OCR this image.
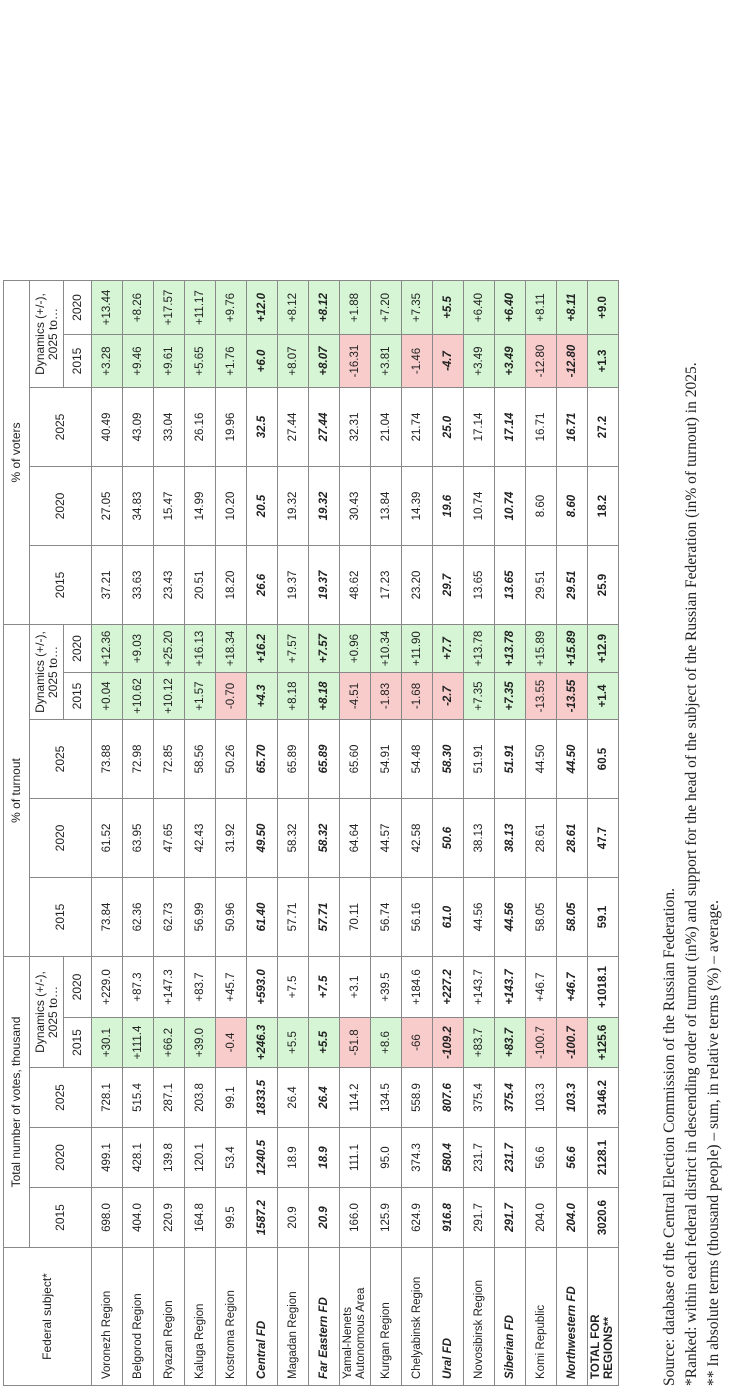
Federal subject*	Total number of votes, thousand					% of turnout					% of voters				
	2015	2020	2025	Dynamics (+/-), 2025 to…		2015	2020	2025	Dynamics (+/-), 2025 to…		2015	2020	2025	Dynamics (+/-), 2025 to…	
				2015	2020				2015	2020				2015	2020
Voronezh Region	698.0	499.1	728.1	+30.1	+229.0	73.84	61.52	73.88	+0.04	+12.36	37.21	27.05	40.49	+3.28	+13.44
Belgorod Region	404.0	428.1	515.4	+111.4	+87.3	62.36	63.95	72.98	+10.62	+9.03	33.63	34.83	43.09	+9.46	+8.26
Ryazan Region	220.9	139.8	287.1	+66.2	+147.3	62.73	47.65	72.85	+10.12	+25.20	23.43	15.47	33.04	+9.61	+17.57
Kaluga Region	164.8	120.1	203.8	+39.0	+83.7	56.99	42.43	58.56	+1.57	+16.13	20.51	14.99	26.16	+5.65	+11.17
Kostroma Region	99.5	53.4	99.1	-0.4	+45.7	50.96	31.92	50.26	-0.70	+18.34	18.20	10.20	19.96	+1.76	+9.76
Central FD	1587.2	1240.5	1833.5	+246.3	+593.0	61.40	49.50	65.70	+4.3	+16.2	26.6	20.5	32.5	+6.0	+12.0
Magadan Region	20.9	18.9	26.4	+5.5	+7.5	57.71	58.32	65.89	+8.18	+7.57	19.37	19.32	27.44	+8.07	+8.12
Far Eastern FD	20.9	18.9	26.4	+5.5	+7.5	57.71	58.32	65.89	+8.18	+7.57	19.37	19.32	27.44	+8.07	+8.12
Yamal-Nenets Autonomous Area	166.0	111.1	114.2	-51.8	+3.1	70.11	64.64	65.60	-4.51	+0.96	48.62	30.43	32.31	-16.31	+1.88
Kurgan Region	125.9	95.0	134.5	+8.6	+39.5	56.74	44.57	54.91	-1.83	+10.34	17.23	13.84	21.04	+3.81	+7.20
Chelyabinsk Region	624.9	374.3	558.9	-66	+184.6	56.16	42.58	54.48	-1.68	+11.90	23.20	14.39	21.74	-1.46	+7.35
Ural FD	916.8	580.4	807.6	-109.2	+227.2	61.0	50.6	58.30	-2.7	+7.7	29.7	19.6	25.0	-4.7	+5.5
Novosibirsk Region	291.7	231.7	375.4	+83.7	+143.7	44.56	38.13	51.91	+7.35	+13.78	13.65	10.74	17.14	+3.49	+6.40
Siberian FD	291.7	231.7	375.4	+83.7	+143.7	44.56	38.13	51.91	+7.35	+13.78	13.65	10.74	17.14	+3.49	+6.40
Komi Republic	204.0	56.6	103.3	-100.7	+46.7	58.05	28.61	44.50	-13.55	+15.89	29.51	8.60	16.71	-12.80	+8.11
Northwestern FD	204.0	56.6	103.3	-100.7	+46.7	58.05	28.61	44.50	-13.55	+15.89	29.51	8.60	16.71	-12.80	+8.11
TOTAL FOR REGIONS**	3020.6	2128.1	3146.2	+125.6	+1018.1	59.1	47.7	60.5	+1.4	+12.9	25.9	18.2	27.2	+1.3	+9.0
Source: database of the Central Election Commission of the Russian Federation. *Ranked: within each federal district in descending order of turnout (in%) and support for the head of the subject of the Russian Federation (in% of turnout) in 2025. ** In absolute terms (thousand people) – sum, in relative terms (%) – average.
